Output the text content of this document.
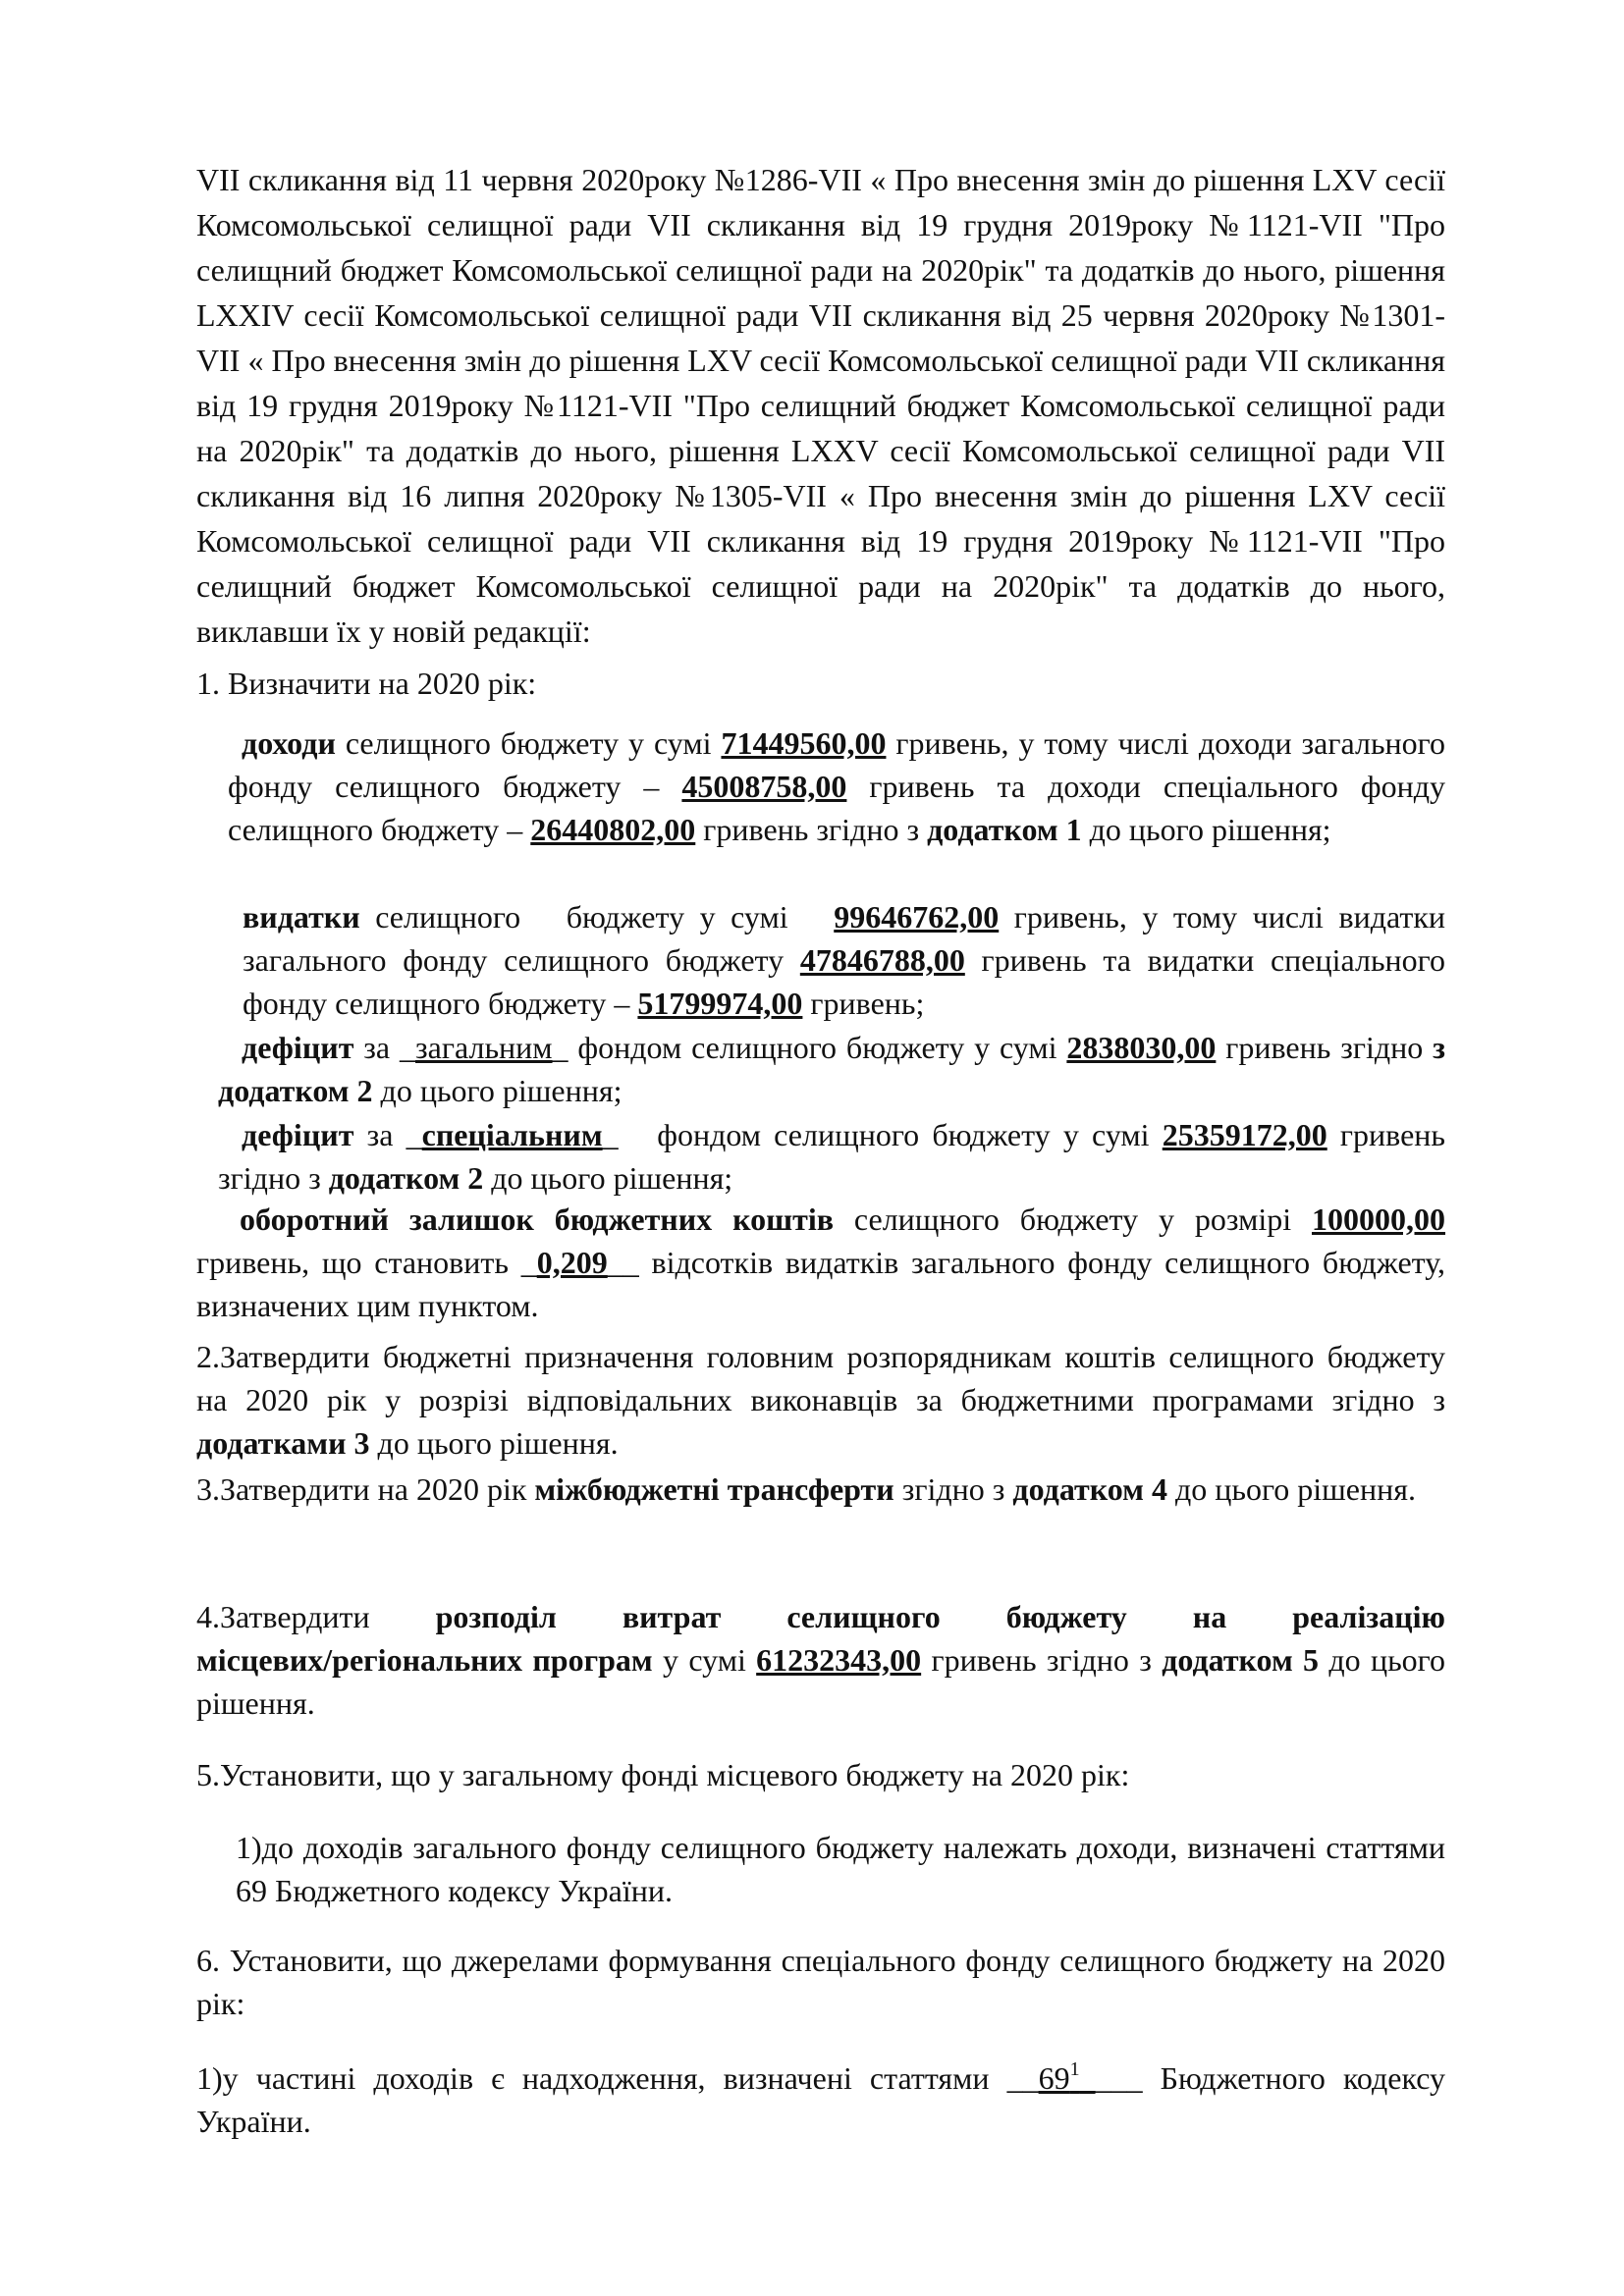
VII скликання від 11 червня 2020року №1286-VII « Про внесення змін до рішення LXV сесії Комсомольської селищної ради VII скликання від 19 грудня 2019року №1121-VII "Про селищний бюджет Комсомольської селищної ради на 2020рік" та додатків до нього, рішення LXXIV сесії Комсомольської селищної ради VII скликання від 25 червня 2020року №1301-VII « Про внесення змін до рішення LXV сесії Комсомольської селищної ради VII скликання від 19 грудня 2019року №1121-VII "Про селищний бюджет Комсомольської селищної ради на 2020рік" та додатків до нього, рішення LXXV сесії Комсомольської селищної ради VII скликання від 16 липня 2020року №1305-VII « Про внесення змін до рішення LXV сесії Комсомольської селищної ради VII скликання від 19 грудня 2019року №1121-VII "Про селищний бюджет Комсомольської селищної ради на 2020рік" та додатків до нього, виклавши їх у новій редакції:

1. Визначити на 2020 рік:

доходи селищного бюджету у сумі 71449560,00 гривень, у тому числі доходи загального фонду селищного бюджету – 45008758,00 гривень та доходи спеціального фонду селищного бюджету – 26440802,00 гривень згідно з додатком 1 до цього рішення;

видатки селищного   бюджету у сумі   99646762,00 гривень, у тому числі видатки загального фонду селищного бюджету 47846788,00 гривень та видатки спеціального фонду селищного бюджету – 51799974,00 гривень;

дефіцит за _загальним_ фондом селищного бюджету у сумі 2838030,00 гривень згідно з додатком 2 до цього рішення;

дефіцит за _спеціальним_   фондом селищного бюджету у сумі 25359172,00 гривень згідно з додатком 2 до цього рішення;

оборотний залишок бюджетних коштів селищного бюджету у розмірі 100000,00 гривень, що становить _0,209__ відсотків видатків загального фонду селищного бюджету, визначених цим пунктом.

2.Затвердити бюджетні призначення головним розпорядникам коштів селищного бюджету на 2020 рік у розрізі відповідальних виконавців за бюджетними програмами згідно з додатками 3 до цього рішення.

3.Затвердити на 2020 рік міжбюджетні трансферти згідно з додатком 4 до цього рішення.

4.Затвердити розподіл витрат селищного бюджету на реалізацію

місцевих/регіональних програм у сумі 61232343,00 гривень згідно з додатком 5 до цього рішення.

5.Установити, що у загальному фонді місцевого бюджету на 2020 рік:

1)до доходів загального фонду селищного бюджету належать доходи, визначені статтями 69 Бюджетного кодексу України.

6. Установити, що джерелами формування спеціального фонду селищного бюджету на 2020 рік:

1)у частині доходів є надходження, визначені статтями $\_\_69^1\_\_\_\_$ Бюджетного кодексу України.
